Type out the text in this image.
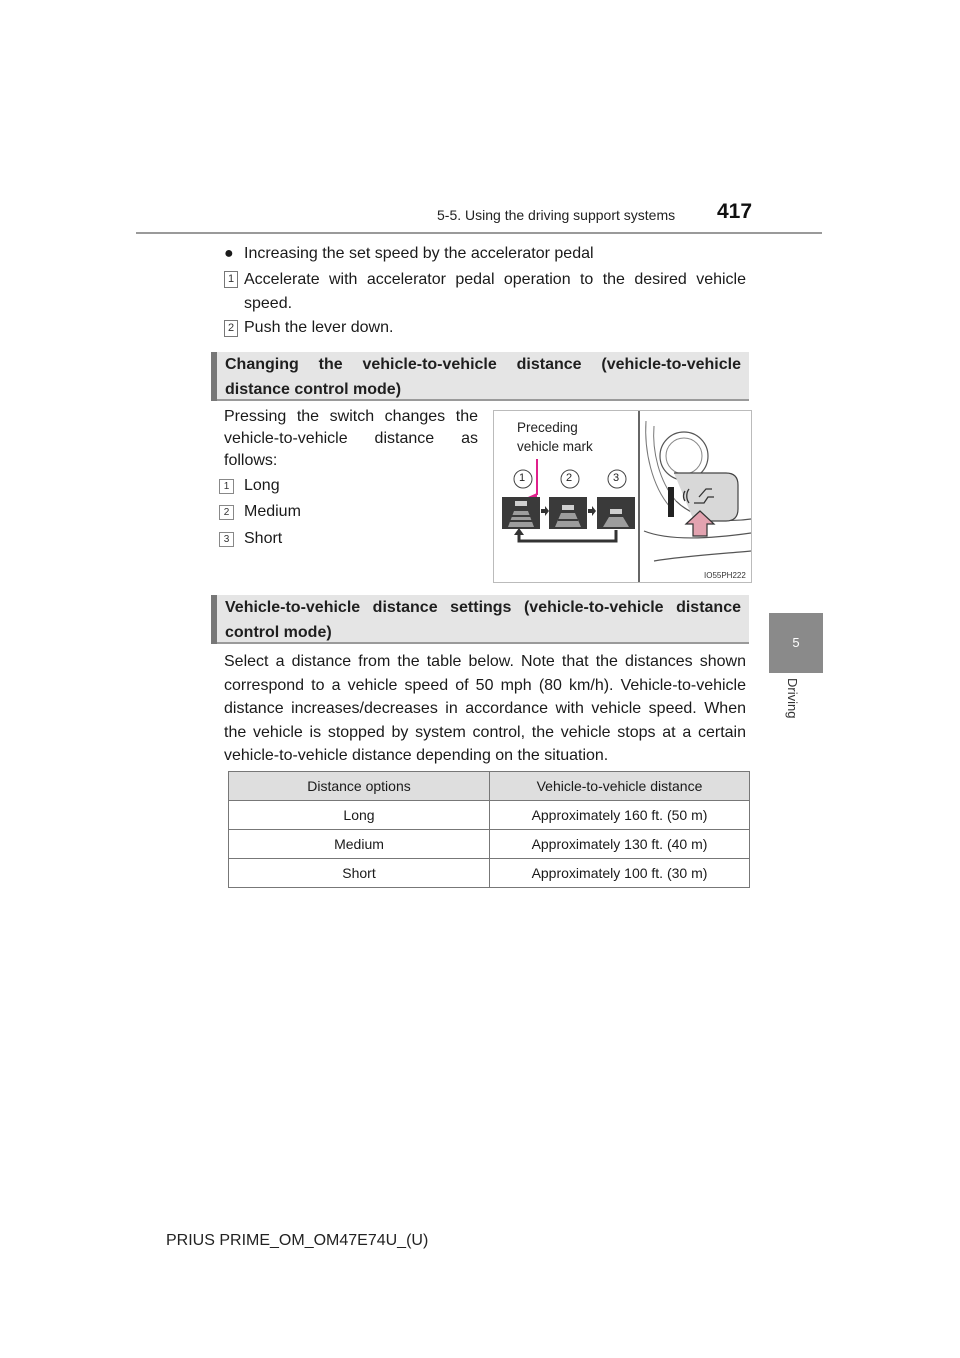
5-5. Using the driving support systems 417
5
Driving
● Increasing the set speed by the accelerator pedal
1 Accelerate with accelerator pedal operation to the desired vehicle speed.
2 Push the lever down.
Changing the vehicle-to-vehicle distance (vehicle-to-vehicle distance control mode)
Pressing the switch changes the vehicle-to-vehicle distance as follows:
1 Long
2 Medium
3 Short
Preceding
vehicle mark
IO55PH222
1	2	3
Vehicle-to-vehicle distance settings (vehicle-to-vehicle distance control mode)
Select a distance from the table below. Note that the distances shown correspond to a vehicle speed of 50 mph (80 km/h). Vehicle-to-vehicle distance increases/decreases in accordance with vehicle speed. When the vehicle is stopped by system control, the vehicle stops at a certain vehicle-to-vehicle distance depending on the situation.
Distance options	Vehicle-to-vehicle distance
Long	Approximately 160 ft. (50 m)
Medium	Approximately 130 ft. (40 m)
Short	Approximately 100 ft. (30 m)
PRIUS PRIME_OM_OM47E74U_(U)
